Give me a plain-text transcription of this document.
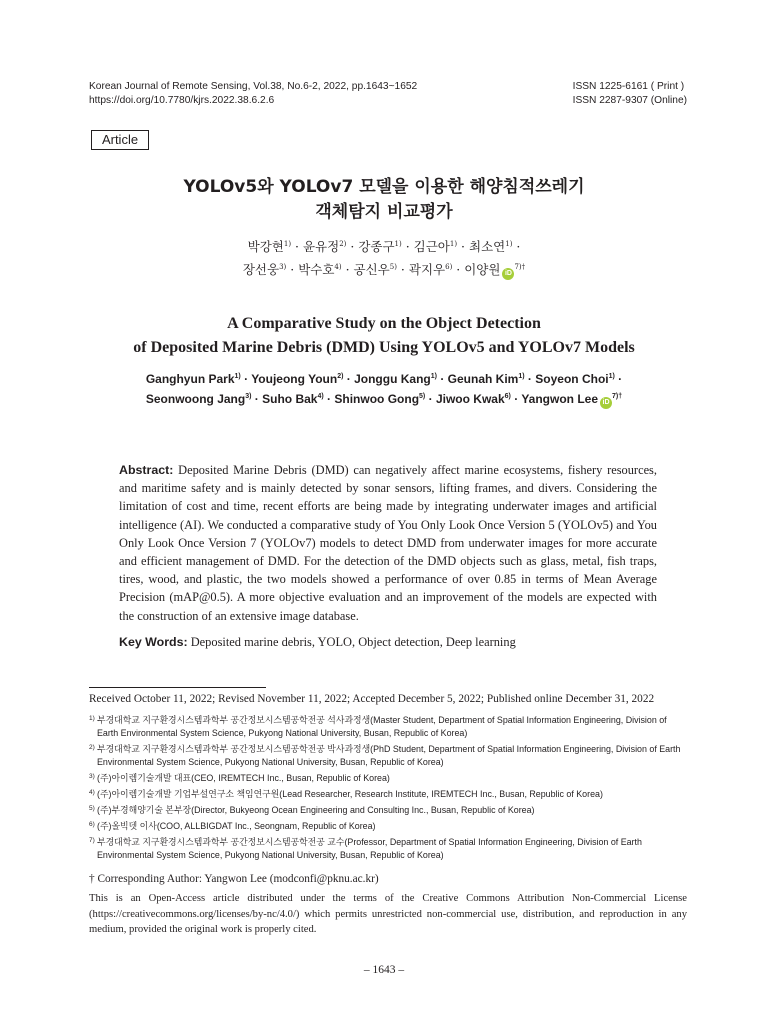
Korean Journal of Remote Sensing, Vol.38, No.6-2, 2022, pp.1643~1652
https://doi.org/10.7780/kjrs.2022.38.6.2.6
ISSN 1225-6161 ( Print )
ISSN 2287-9307 (Online)
Article
YOLOv5와 YOLOv7 모델을 이용한 해양침적쓰레기
객체탐지 비교평가
박강현$^{1)}$ · 윤유정$^{2)}$ · 강종구$^{1)}$ · 김근아$^{1)}$ · 최소연$^{1)}$ ·
장선웅$^{3)}$ · 박수호$^{4)}$ · 공신우$^{5)}$ · 곽지우$^{6)}$ · 이양원 $iD^{7)\dagger}$
A Comparative Study on the Object Detection
of Deposited Marine Debris (DMD) Using YOLOv5 and YOLOv7 Models
Ganghyun Park$^{1)}$ · Youjeong Youn$^{2)}$ · Jonggu Kang$^{1)}$ · Geunah Kim$^{1)}$ · Soyeon Choi$^{1)}$ ·
Seonwoong Jang$^{3)}$ · Suho Bak$^{4)}$ · Shinwoo Gong$^{5)}$ · Jiwoo Kwak$^{6)}$ · Yangwon Lee $iD^{7)\dagger}$
Abstract: Deposited Marine Debris (DMD) can negatively affect marine ecosystems, fishery resources, and maritime safety and is mainly detected by sonar sensors, lifting frames, and divers. Considering the limitation of cost and time, recent efforts are being made by integrating underwater images and artificial intelligence (AI). We conducted a comparative study of You Only Look Once Version 5 (YOLOv5) and You Only Look Once Version 7 (YOLOv7) models to detect DMD from underwater images for more accurate and efficient management of DMD. For the detection of the DMD objects such as glass, metal, fish traps, tires, wood, and plastic, the two models showed a performance of over 0.85 in terms of Mean Average Precision (mAP@0.5). A more objective evaluation and an improvement of the models are expected with the construction of an extensive image database.
Key Words: Deposited marine debris, YOLO, Object detection, Deep learning
Received October 11, 2022; Revised November 11, 2022; Accepted December 5, 2022; Published online December 31, 2022
1) 부경대학교 지구환경시스템과학부 공간정보시스템공학전공 석사과정생(Master Student, Department of Spatial Information Engineering, Division of Earth Environmental System Science, Pukyong National University, Busan, Republic of Korea)
2) 부경대학교 지구환경시스템과학부 공간정보시스템공학전공 박사과정생(PhD Student, Department of Spatial Information Engineering, Division of Earth Environmental System Science, Pukyong National University, Busan, Republic of Korea)
3) (주)아이렘기술개발 대표(CEO, IREMTECH Inc., Busan, Republic of Korea)
4) (주)아이렘기술개발 기업부설연구소 책임연구원(Lead Researcher, Research Institute, IREMTECH Inc., Busan, Republic of Korea)
5) (주)부경해양기술 본부장(Director, Bukyeong Ocean Engineering and Consulting Inc., Busan, Republic of Korea)
6) (주)올빅뎃 이사(COO, ALLBIGDAT Inc., Seongnam, Republic of Korea)
7) 부경대학교 지구환경시스템과학부 공간정보시스템공학전공 교수(Professor, Department of Spatial Information Engineering, Division of Earth Environmental System Science, Pukyong National University, Busan, Republic of Korea)
† Corresponding Author: Yangwon Lee (modconfi@pknu.ac.kr)
This is an Open-Access article distributed under the terms of the Creative Commons Attribution Non-Commercial License (https://creativecommons.org/licenses/by-nc/4.0/) which permits unrestricted non-commercial use, distribution, and reproduction in any medium, provided the original work is properly cited.
– 1643 –
